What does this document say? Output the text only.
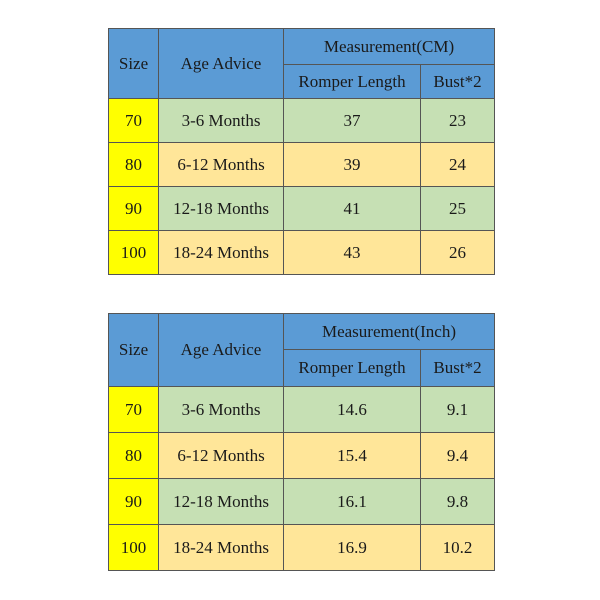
Size	Age Advice	Measurement(CM)	
		Romper Length	Bust*2
70	3-6 Months	37	23
80	6-12 Months	39	24
90	12-18 Months	41	25
100	18-24 Months	43	26
Size	Age Advice	Measurement(Inch)	
		Romper Length	Bust*2
70	3-6 Months	14.6	9.1
80	6-12 Months	15.4	9.4
90	12-18 Months	16.1	9.8
100	18-24 Months	16.9	10.2
